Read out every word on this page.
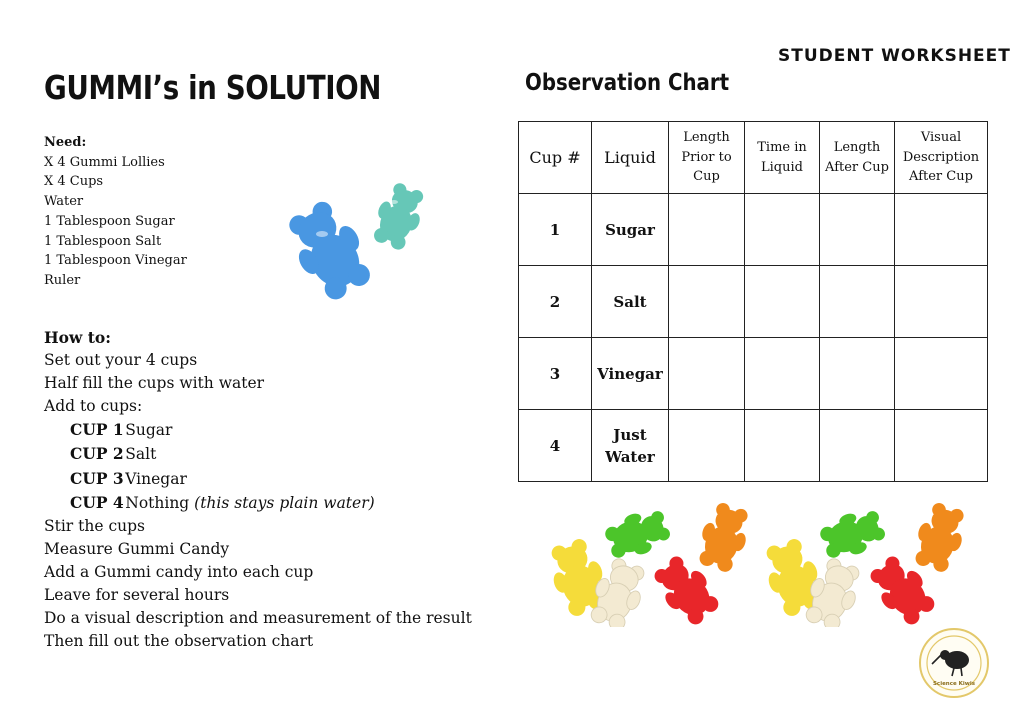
STUDENT WORKSHEET
GUMMI’s in SOLUTION	Observation Chart
Need:
X 4 Gummi Lollies
X 4 Cups
Water
1 Tablespoon Sugar
1 Tablespoon Salt
1 Tablespoon Vinegar
Ruler
How to:
Set out your 4 cups
Half fill the cups with water
Add to cups:
CUP 1 Sugar
CUP 2 Salt
CUP 3 Vinegar
CUP 4 Nothing (this stays plain water)
Stir the cups
Measure Gummi Candy
Add a Gummi candy into each cup
Leave for several hours
Do a visual description and measurement of the result
Then fill out the observation chart
Cup #	Liquid	Length Prior to Cup	Time in Liquid	Length After Cup	Visual Description After Cup
1	Sugar				
2	Salt				
3	Vinegar				
4	Just Water				
Science Kiwis
